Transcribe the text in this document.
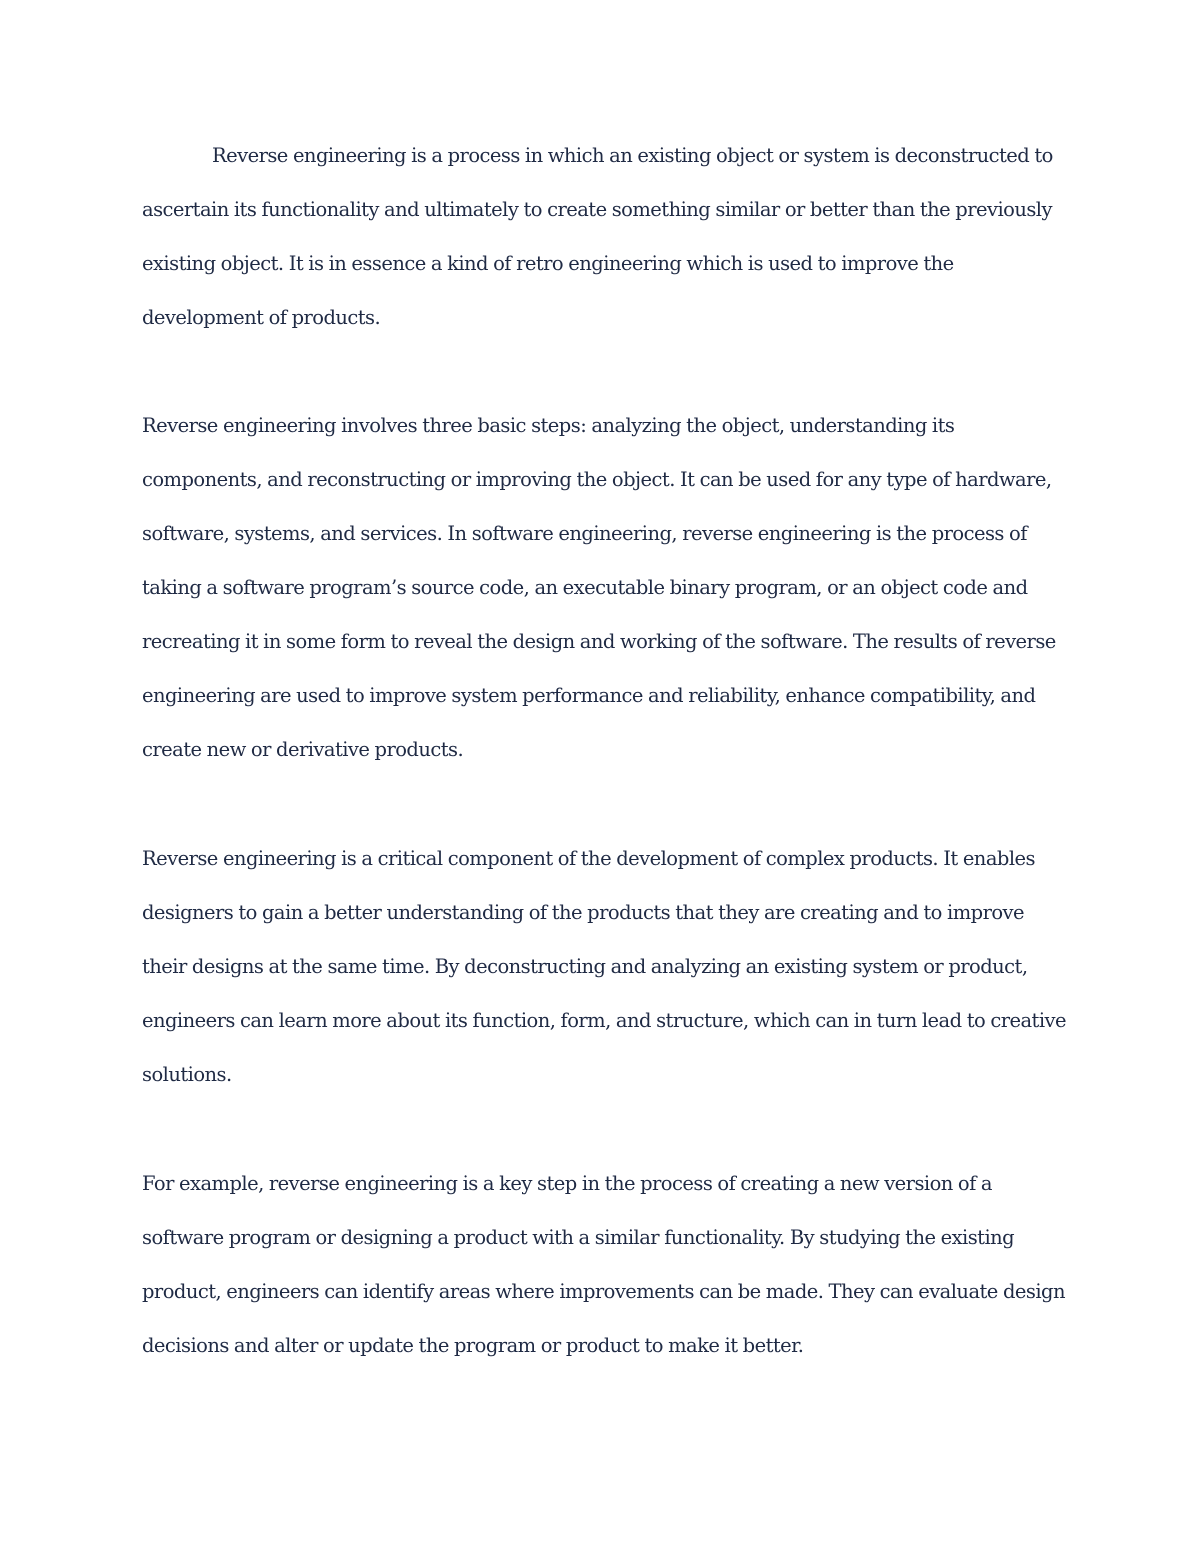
Reverse engineering is a process in which an existing object or system is deconstructed to ascertain its functionality and ultimately to create something similar or better than the previously existing object. It is in essence a kind of retro engineering which is used to improve the development of products.

Reverse engineering involves three basic steps: analyzing the object, understanding its components, and reconstructing or improving the object. It can be used for any type of hardware, software, systems, and services. In software engineering, reverse engineering is the process of taking a software program’s source code, an executable binary program, or an object code and recreating it in some form to reveal the design and working of the software. The results of reverse engineering are used to improve system performance and reliability, enhance compatibility, and create new or derivative products.

Reverse engineering is a critical component of the development of complex products. It enables designers to gain a better understanding of the products that they are creating and to improve their designs at the same time. By deconstructing and analyzing an existing system or product, engineers can learn more about its function, form, and structure, which can in turn lead to creative solutions.

For example, reverse engineering is a key step in the process of creating a new version of a software program or designing a product with a similar functionality. By studying the existing product, engineers can identify areas where improvements can be made. They can evaluate design decisions and alter or update the program or product to make it better.
